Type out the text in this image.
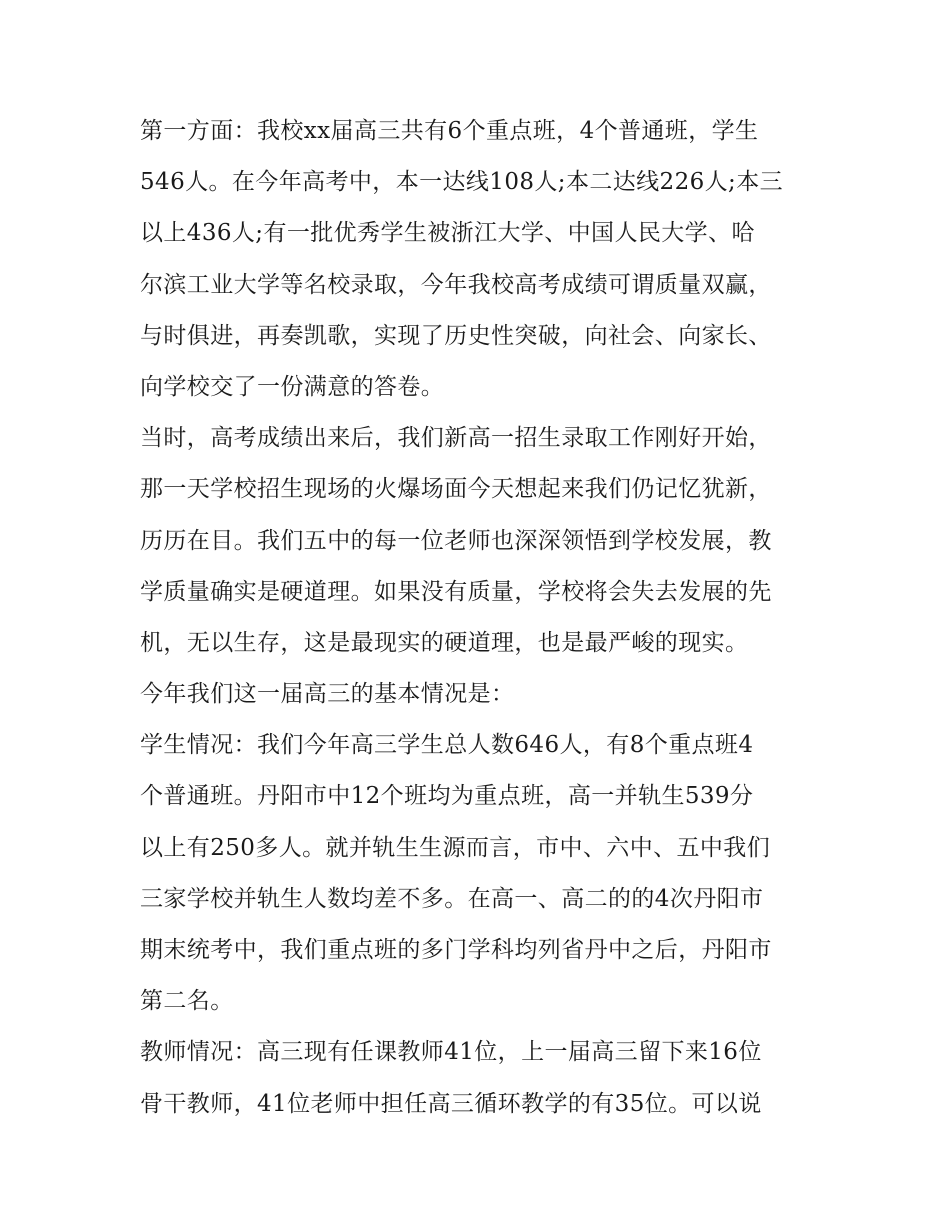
第一方面：我校xx届高三共有6个重点班，4个普通班，学生
546人。在今年高考中，本一达线108人;本二达线226人;本三
以上436人;有一批优秀学生被浙江大学、中国人民大学、哈
尔滨工业大学等名校录取，今年我校高考成绩可谓质量双赢，
与时俱进，再奏凯歌，实现了历史性突破，向社会、向家长、
向学校交了一份满意的答卷。
当时，高考成绩出来后，我们新高一招生录取工作刚好开始，
那一天学校招生现场的火爆场面今天想起来我们仍记忆犹新，
历历在目。我们五中的每一位老师也深深领悟到学校发展，教
学质量确实是硬道理。如果没有质量，学校将会失去发展的先
机，无以生存，这是最现实的硬道理，也是最严峻的现实。
今年我们这一届高三的基本情况是：
学生情况：我们今年高三学生总人数646人，有8个重点班4
个普通班。丹阳市中12个班均为重点班，高一并轨生539分
以上有250多人。就并轨生生源而言，市中、六中、五中我们
三家学校并轨生人数均差不多。在高一、高二的的4次丹阳市
期末统考中，我们重点班的多门学科均列省丹中之后，丹阳市
第二名。
教师情况：高三现有任课教师41位，上一届高三留下来16位
骨干教师，41位老师中担任高三循环教学的有35位。可以说
